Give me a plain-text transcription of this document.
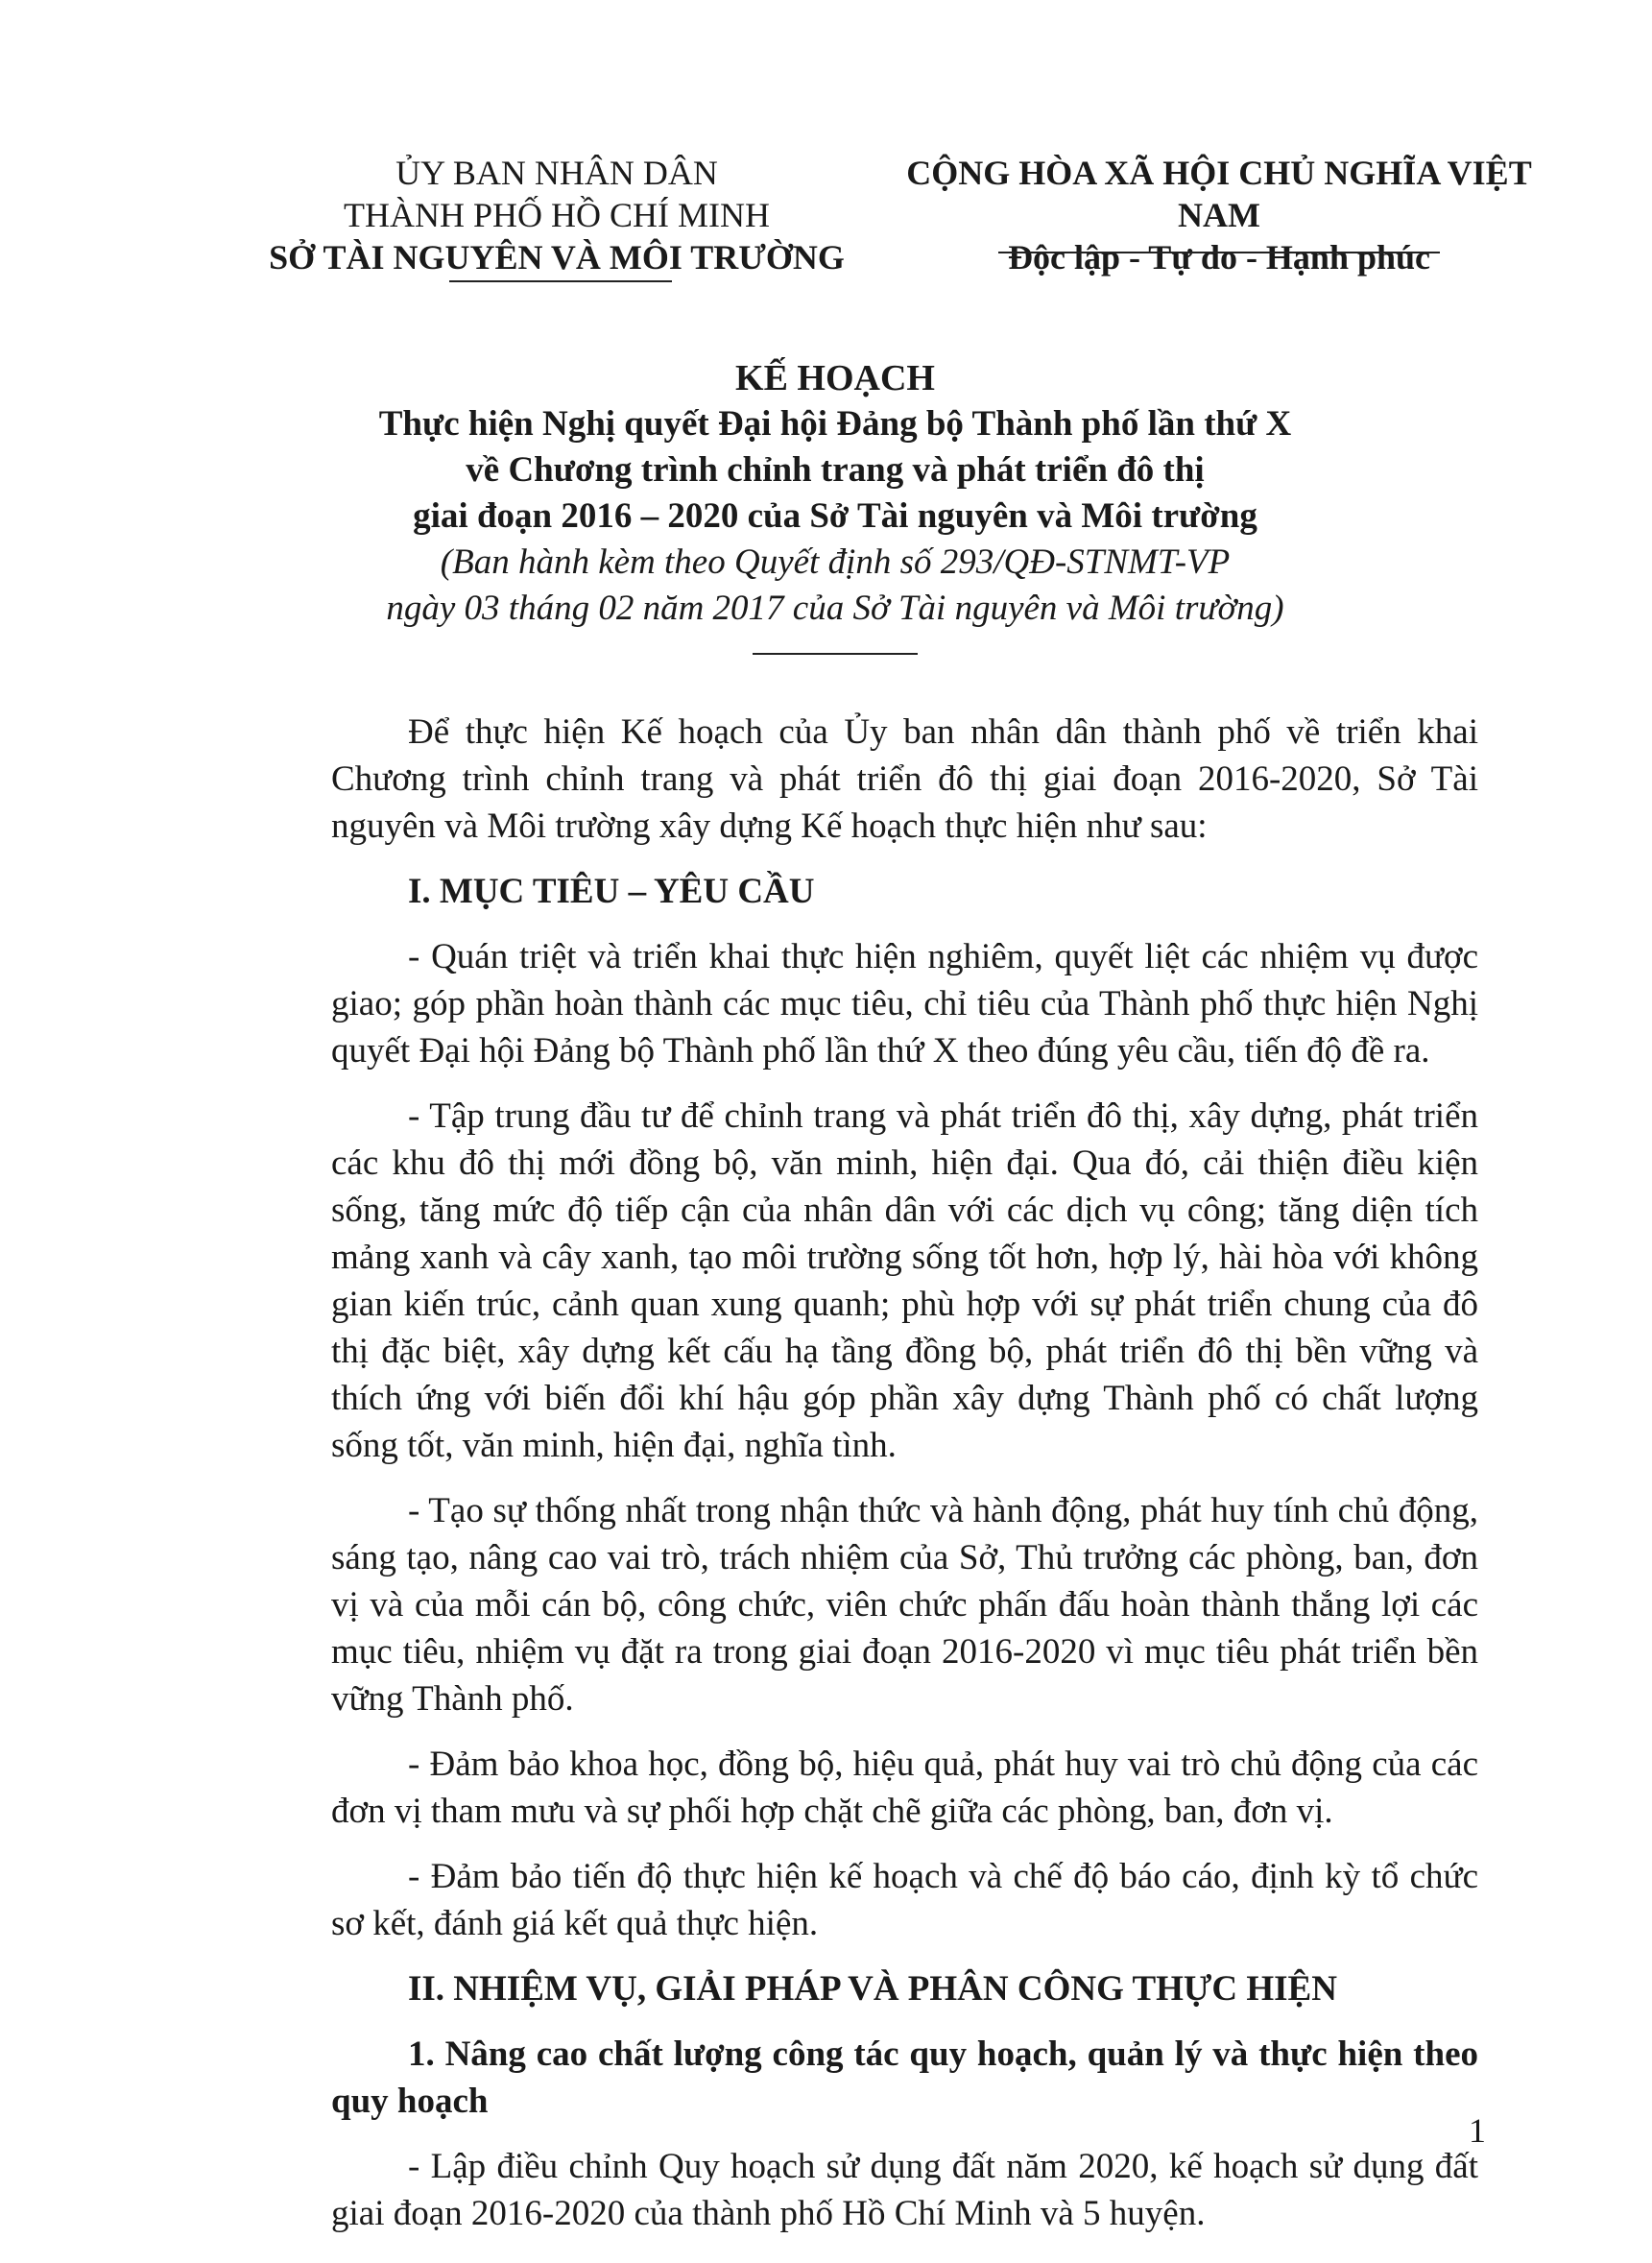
ỦY BAN NHÂN DÂN
THÀNH PHỐ HỒ CHÍ MINH
SỞ TÀI NGUYÊN VÀ MÔI TRƯỜNG
CỘNG HÒA XÃ HỘI CHỦ NGHĨA VIỆT NAM
Độc lập - Tự do - Hạnh phúc
KẾ HOẠCH
Thực hiện Nghị quyết Đại hội Đảng bộ Thành phố lần thứ X
về Chương trình chỉnh trang và phát triển đô thị
giai đoạn 2016 – 2020 của Sở Tài nguyên và Môi trường
(Ban hành kèm theo Quyết định số 293/QĐ-STNMT-VP
ngày 03 tháng 02 năm 2017 của Sở Tài nguyên và Môi trường)

Để thực hiện Kế hoạch của Ủy ban nhân dân thành phố về triển khai Chương trình chỉnh trang và phát triển đô thị giai đoạn 2016-2020, Sở Tài nguyên và Môi trường xây dựng Kế hoạch thực hiện như sau:

I. MỤC TIÊU – YÊU CẦU

- Quán triệt và triển khai thực hiện nghiêm, quyết liệt các nhiệm vụ được giao; góp phần hoàn thành các mục tiêu, chỉ tiêu của Thành phố thực hiện Nghị quyết Đại hội Đảng bộ Thành phố lần thứ X theo đúng yêu cầu, tiến độ đề ra.

- Tập trung đầu tư để chỉnh trang và phát triển đô thị, xây dựng, phát triển các khu đô thị mới đồng bộ, văn minh, hiện đại. Qua đó, cải thiện điều kiện sống, tăng mức độ tiếp cận của nhân dân với các dịch vụ công; tăng diện tích mảng xanh và cây xanh, tạo môi trường sống tốt hơn, hợp lý, hài hòa với không gian kiến trúc, cảnh quan xung quanh; phù hợp với sự phát triển chung của đô thị đặc biệt, xây dựng kết cấu hạ tầng đồng bộ, phát triển đô thị bền vững và thích ứng với biến đổi khí hậu góp phần xây dựng Thành phố có chất lượng sống tốt, văn minh, hiện đại, nghĩa tình.

- Tạo sự thống nhất trong nhận thức và hành động, phát huy tính chủ động, sáng tạo, nâng cao vai trò, trách nhiệm của Sở, Thủ trưởng các phòng, ban, đơn vị và của mỗi cán bộ, công chức, viên chức phấn đấu hoàn thành thắng lợi các mục tiêu, nhiệm vụ đặt ra trong giai đoạn 2016-2020 vì mục tiêu phát triển bền vững Thành phố.

- Đảm bảo khoa học, đồng bộ, hiệu quả, phát huy vai trò chủ động của các đơn vị tham mưu và sự phối hợp chặt chẽ giữa các phòng, ban, đơn vị.

- Đảm bảo tiến độ thực hiện kế hoạch và chế độ báo cáo, định kỳ tổ chức sơ kết, đánh giá kết quả thực hiện.

II. NHIỆM VỤ, GIẢI PHÁP VÀ PHÂN CÔNG THỰC HIỆN
1. Nâng cao chất lượng công tác quy hoạch, quản lý và thực hiện theo quy hoạch

- Lập điều chỉnh Quy hoạch sử dụng đất năm 2020, kế hoạch sử dụng đất giai đoạn 2016-2020 của thành phố Hồ Chí Minh và 5 huyện.

1
